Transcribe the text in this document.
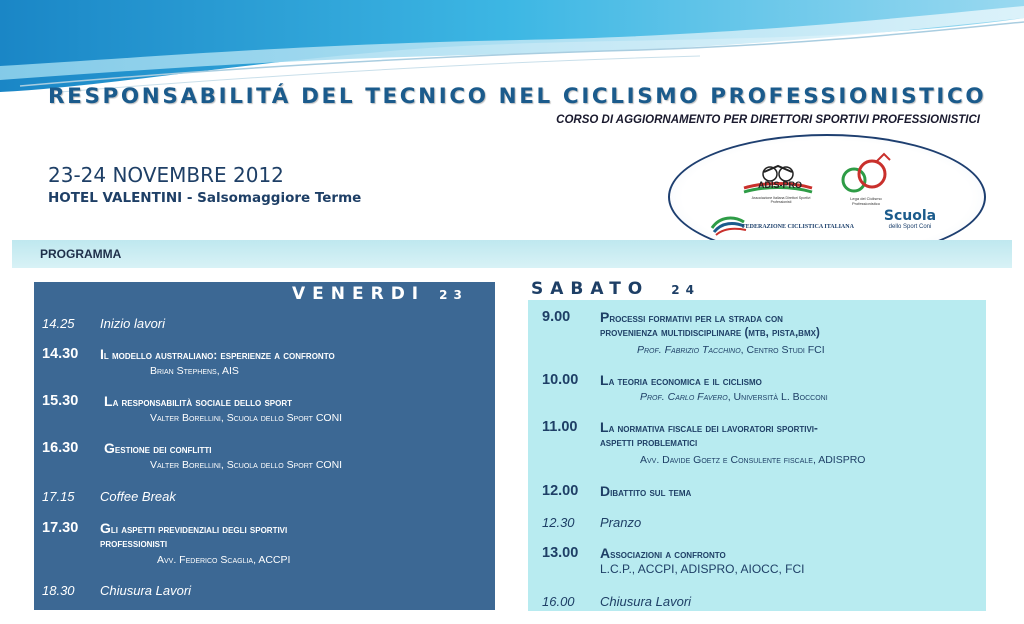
RESPONSABILITÁ DEL TECNICO NEL CICLISMO PROFESSIONISTICO
CORSO DI AGGIORNAMENTO PER DIRETTORI SPORTIVI PROFESSIONISTICI
23-24 NOVEMBRE 2012
HOTEL VALENTINI - Salsomaggiore Terme
ADIS-PRO
Associazione Italiana Direttori Sportivi Professionisti
Lega del Ciclismo Professionistico
FEDERAZIONE CICLISTICA ITALIANA
Scuola
dello Sport Coni
PROGRAMMA
VENERDI 23
14.25 Inizio lavori
14.30 Il modello australiano: esperienze a confronto
Brian Stephens, AIS
15.30 La responsabilità sociale dello sport
Valter Borellini, Scuola dello Sport CONI
16.30 Gestione dei conflitti
Valter Borellini, Scuola dello Sport CONI
17.15 Coffee Break
17.30 Gli aspetti previdenziali degli sportivi
professionisti
Avv. Federico Scaglia, ACCPI
18.30 Chiusura Lavori
SABATO 24
9.00 Processi formativi per la strada con
provenienza multidisciplinare (mtb, pista,bmx)
Prof. Fabrizio Tacchino, Centro Studi FCI
10.00 La teoria economica e il ciclismo
Prof. Carlo Favero, Università L. Bocconi
11.00 La normativa fiscale dei lavoratori sportivi-
aspetti problematici
Avv. Davide Goetz e Consulente fiscale, ADISPRO
12.00 Dibattito sul tema
12.30 Pranzo
13.00 Associazioni a confronto
L.C.P., ACCPI, ADISPRO, AIOCC, FCI
16.00 Chiusura Lavori
